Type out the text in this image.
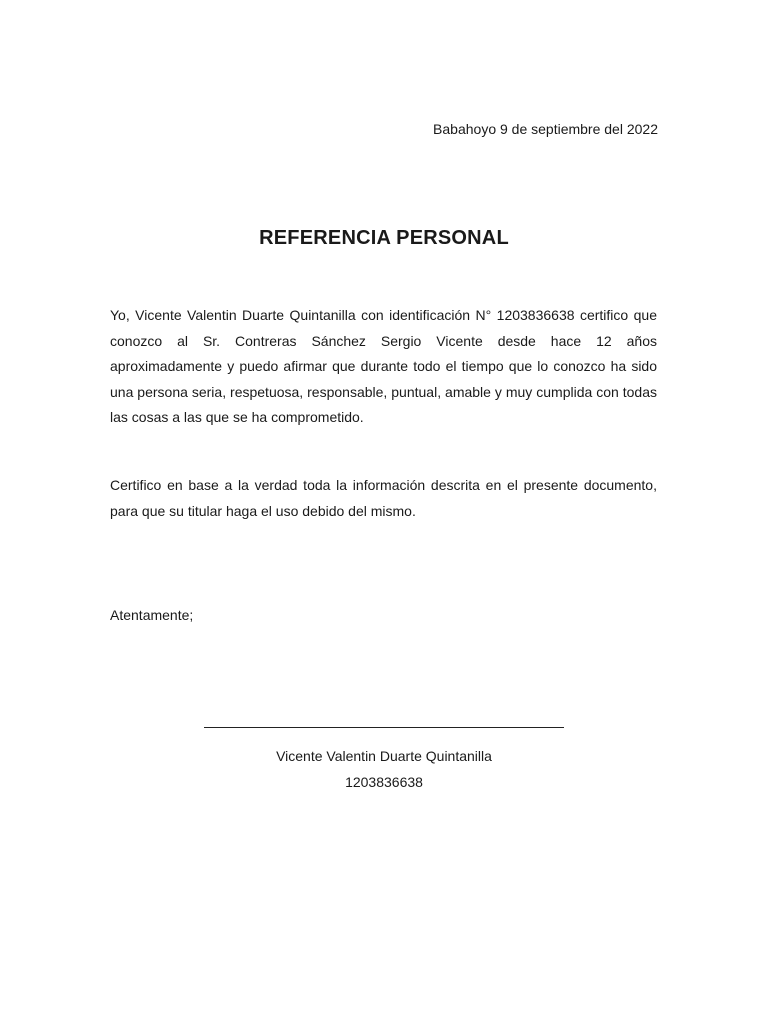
Babahoyo 9 de septiembre del 2022
REFERENCIA PERSONAL

Yo, Vicente Valentin Duarte Quintanilla con identificación N° 1203836638 certifico que conozco al Sr. Contreras Sánchez Sergio Vicente desde hace 12 años aproximadamente y puedo afirmar que durante todo el tiempo que lo conozco ha sido una persona seria, respetuosa, responsable, puntual, amable y muy cumplida con todas las cosas a las que se ha comprometido.

Certifico en base a la verdad toda la información descrita en el presente documento, para que su titular haga el uso debido del mismo.

Atentamente;
Vicente Valentin Duarte Quintanilla
1203836638
